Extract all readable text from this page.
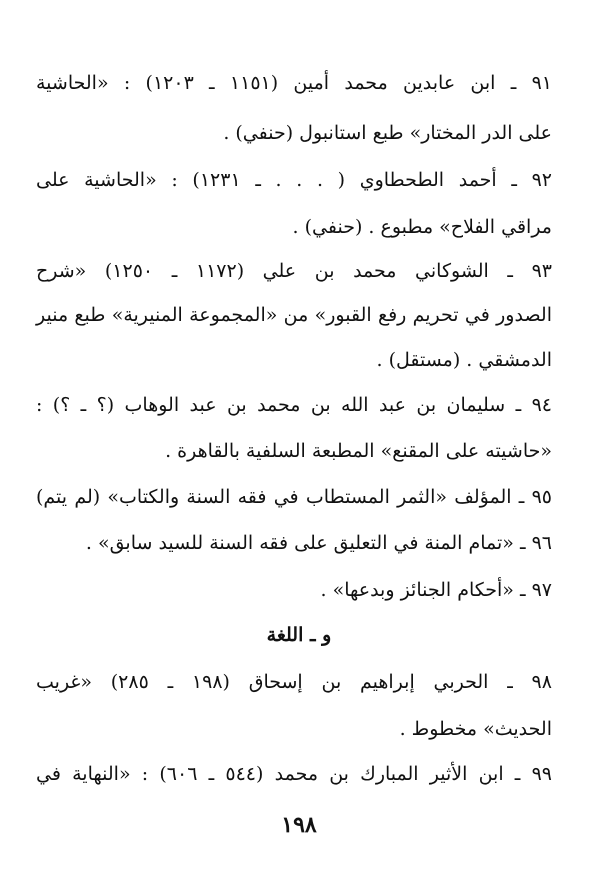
٩١ ـ ابن عابدين محمد أمين (١١٥١ ـ ١٢٠٣) : «الحاشية
على الدر المختار» طبع استانبول (حنفي) .
٩٢ ـ أحمد الطحطاوي ( . . . ـ ١٢٣١) : «الحاشية على
مراقي الفلاح» مطبوع . (حنفي) .
٩٣ ـ الشوكاني محمد بن علي (١١٧٢ ـ ١٢٥٠) «شرح
الصدور في تحريم رفع القبور» من «المجموعة المنيرية» طبع منير
الدمشقي . (مستقل) .
٩٤ ـ سليمان بن عبد الله بن محمد بن عبد الوهاب (؟ ـ ؟) :
«حاشيته على المقنع» المطبعة السلفية بالقاهرة .
٩٥ ـ المؤلف «الثمر المستطاب في فقه السنة والكتاب» (لم يتم)
٩٦ ـ «تمام المنة في التعليق على فقه السنة للسيد سابق» .
٩٧ ـ «أحكام الجنائز وبدعها» .
و ـ اللغة
٩٨ ـ الحربي إبراهيم بن إسحاق (١٩٨ ـ ٢٨٥) «غريب
الحديث» مخطوط .
٩٩ ـ ابن الأثير المبارك بن محمد (٥٤٤ ـ ٦٠٦) : «النهاية في
١٩٨
